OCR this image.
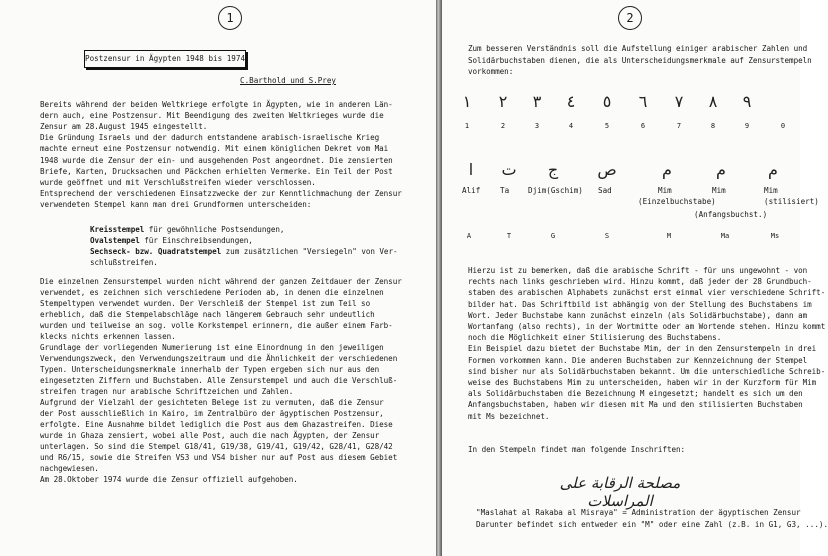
1
Postzensur in Ägypten 1948 bis 1974
C.Barthold und S.Prey
Bereits während der beiden Weltkriege erfolgte in Ägypten, wie in anderen Län-
dern auch, eine Postzensur. Mit Beendigung des zweiten Weltkrieges wurde die
Zensur am 28.August 1945 eingestellt.
Die Gründung Israels und der dadurch entstandene arabisch-israelische Krieg
machte erneut eine Postzensur notwendig. Mit einem königlichen Dekret vom Mai
1948 wurde die Zensur der ein- und ausgehenden Post angeordnet. Die zensierten
Briefe, Karten, Drucksachen und Päckchen erhielten Vermerke. Ein Teil der Post
wurde geöffnet und mit Verschlußstreifen wieder verschlossen.
Entsprechend der verschiedenen Einsatzzwecke der zur Kenntlichmachung der Zensur
verwendeten Stempel kann man drei Grundformen unterscheiden:
Kreisstempel für gewöhnliche Postsendungen,
Ovalstempel für Einschreibsendungen,
Sechseck- bzw. Quadratstempel zum zusätzlichen "Versiegeln" von Ver-
schlußstreifen.
Die einzelnen Zensurstempel wurden nicht während der ganzen Zeitdauer der Zensur
verwendet, es zeichnen sich verschiedene Perioden ab, in denen die einzelnen
Stempeltypen verwendet wurden. Der Verschleiß der Stempel ist zum Teil so
erheblich, daß die Stempelabschläge nach längerem Gebrauch sehr undeutlich
wurden und teilweise an sog. volle Korkstempel erinnern, die außer einem Farb-
klecks nichts erkennen lassen.
Grundlage der vorliegenden Numerierung ist eine Einordnung in den jeweiligen
Verwendungszweck, den Verwendungszeitraum und die Ähnlichkeit der verschiedenen
Typen. Unterscheidungsmerkmale innerhalb der Typen ergeben sich nur aus den
eingesetzten Ziffern und Buchstaben. Alle Zensurstempel und auch die Verschluß-
streifen tragen nur arabische Schriftzeichen und Zahlen.
Aufgrund der Vielzahl der gesichteten Belege ist zu vermuten, daß die Zensur
der Post ausschließlich in Kairo, im Zentralbüro der ägyptischen Postzensur,
erfolgte. Eine Ausnahme bildet lediglich die Post aus dem Ghazastreifen. Diese
wurde in Ghaza zensiert, wobei alle Post, auch die nach Ägypten, der Zensur
unterlagen. So sind die Stempel G18/41, G19/38, G19/41, G19/42, G28/41, G28/42
und R6/15, sowie die Streifen VS3 und VS4 bisher nur auf Post aus diesem Gebiet
nachgewiesen.
Am 28.Oktober 1974 wurde die Zensur offiziell aufgehoben.
2
Zum besseren Verständnis soll die Aufstellung einiger arabischer Zahlen und
Solidärbuchstaben dienen, die als Unterscheidungsmerkmale auf Zensurstempeln
vorkommen:
١	٢	٣	٤	٥	٦	٧	٨	٩
1	2	3	4	5	6	7	8	9	0
ا	ت	ج	ص	م	م	م
Alif	Ta Djim(Gschim) Sad	Mim	Mim	Mim
(Einzelbuchstabe)
(Anfangsbuchst.)
(stilisiert)
A	T	G	S	M	Ma	Ms
Hierzu ist zu bemerken, daß die arabische Schrift - für uns ungewohnt - von
rechts nach links geschrieben wird. Hinzu kommt, daß jeder der 28 Grundbuch-
staben des arabischen Alphabets zunächst erst einmal vier verschiedene Schrift-
bilder hat. Das Schriftbild ist abhängig von der Stellung des Buchstabens im
Wort. Jeder Buchstabe kann zunächst einzeln (als Solidärbuchstabe), dann am
Wortanfang (also rechts), in der Wortmitte oder am Wortende stehen. Hinzu kommt
noch die Möglichkeit einer Stilisierung des Buchstabens.
Ein Beispiel dazu bietet der Buchstabe Mim, der in den Zensurstempeln in drei
Formen vorkommen kann. Die anderen Buchstaben zur Kennzeichnung der Stempel
sind bisher nur als Solidärbuchstaben bekannt. Um die unterschiedliche Schreib-
weise des Buchstabens Mim zu unterscheiden, haben wir in der Kurzform für Mim
als Solidärbuchstaben die Bezeichnung M eingesetzt; handelt es sich um den
Anfangsbuchstaben, haben wir diesen mit Ma und den stilisierten Buchstaben
mit Ms bezeichnet.
In den Stempeln findet man folgende Inschriften:
مصلحة الرقابة على المراسلات
"Maslahat al Rakaba al Misraya" = Administration der ägyptischen Zensur
Darunter befindet sich entweder ein "M" oder eine Zahl (z.B. in G1, G3, ...).
